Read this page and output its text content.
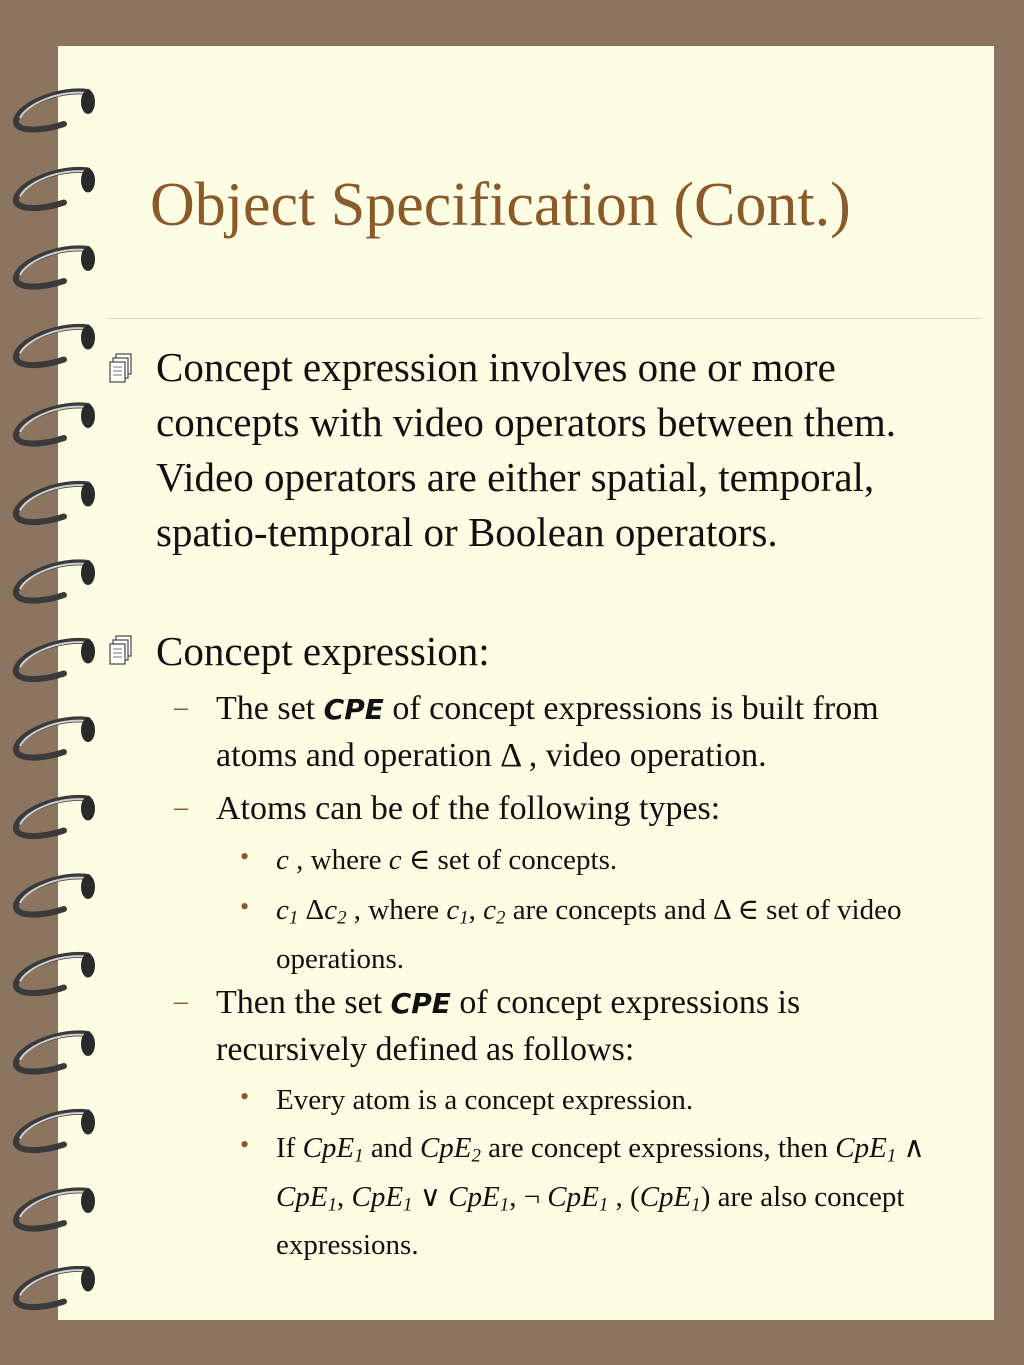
Object Specification (Cont.)
Concept expression involves one or more concepts with video operators between them. Video operators are either spatial, temporal, spatio-temporal or Boolean operators.
Concept expression:
– The set CPE of concept expressions is built from atoms and operation Δ , video operation.
– Atoms can be of the following types:
• c , where c ∈ set of concepts.
• $c_1$ $\Delta c_2$ , where $c_1$, $c_2$ are concepts and Δ ∈ set of video operations.
– Then the set CPE of concept expressions is recursively defined as follows:
• Every atom is a concept expression.
• If CpE$_1$ and CpE$_2$ are concept expressions, then CpE$_1$ ∧ CpE$_1$, CpE$_1$ ∨ CpE$_1$, ¬ CpE$_1$ , (CpE$_1$) are also concept expressions.
